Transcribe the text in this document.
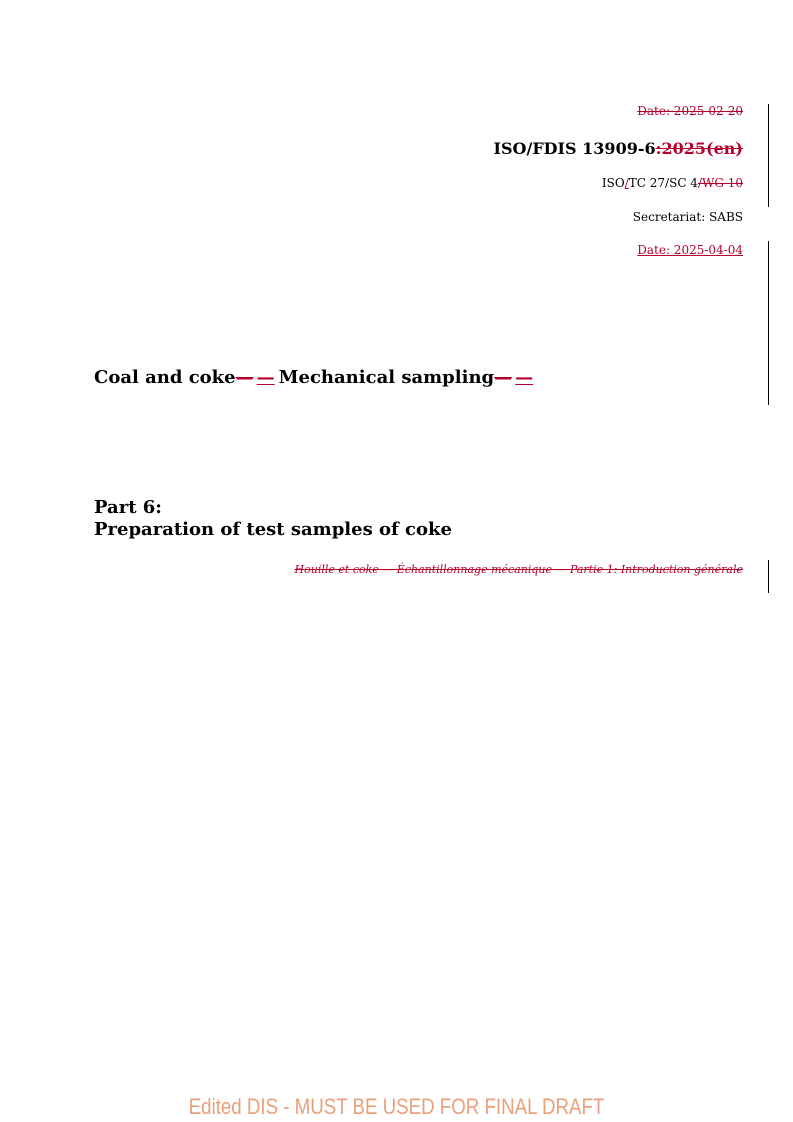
Date: 2025-02-20
ISO/FDIS 13909-6:2025(en)
ISO/TC 27/SC 4/WG 10
Secretariat: SABS
Date: 2025-04-04
Coal and coke— — Mechanical sampling— —
Part 6:
Preparation of test samples of coke
Houille et coke — Échantillonnage mécanique — Partie 1: Introduction générale
Edited DIS - MUST BE USED FOR FINAL DRAFT
